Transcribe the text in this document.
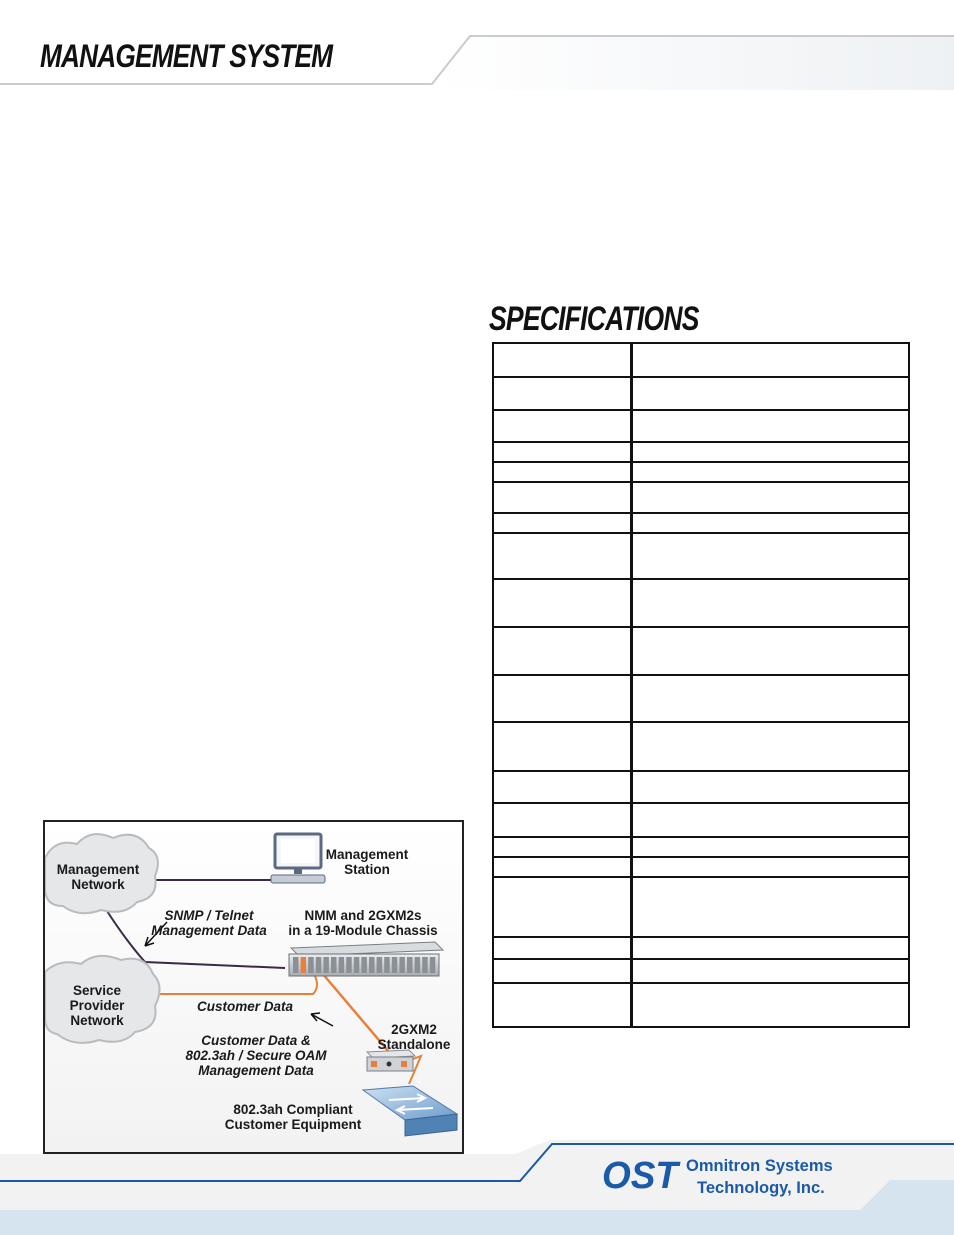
MANAGEMENT SYSTEM
SPECIFICATIONS
Management
Network
Management
Station
SNMP / Telnet
Management Data
NMM and 2GXM2s
in a 19-Module Chassis
Service
Provider
Network
Customer Data
Customer Data &
802.3ah / Secure OAM
Management Data
2GXM2
Standalone
802.3ah Compliant
Customer Equipment
OST Omnitron Systems
Technology, Inc.
